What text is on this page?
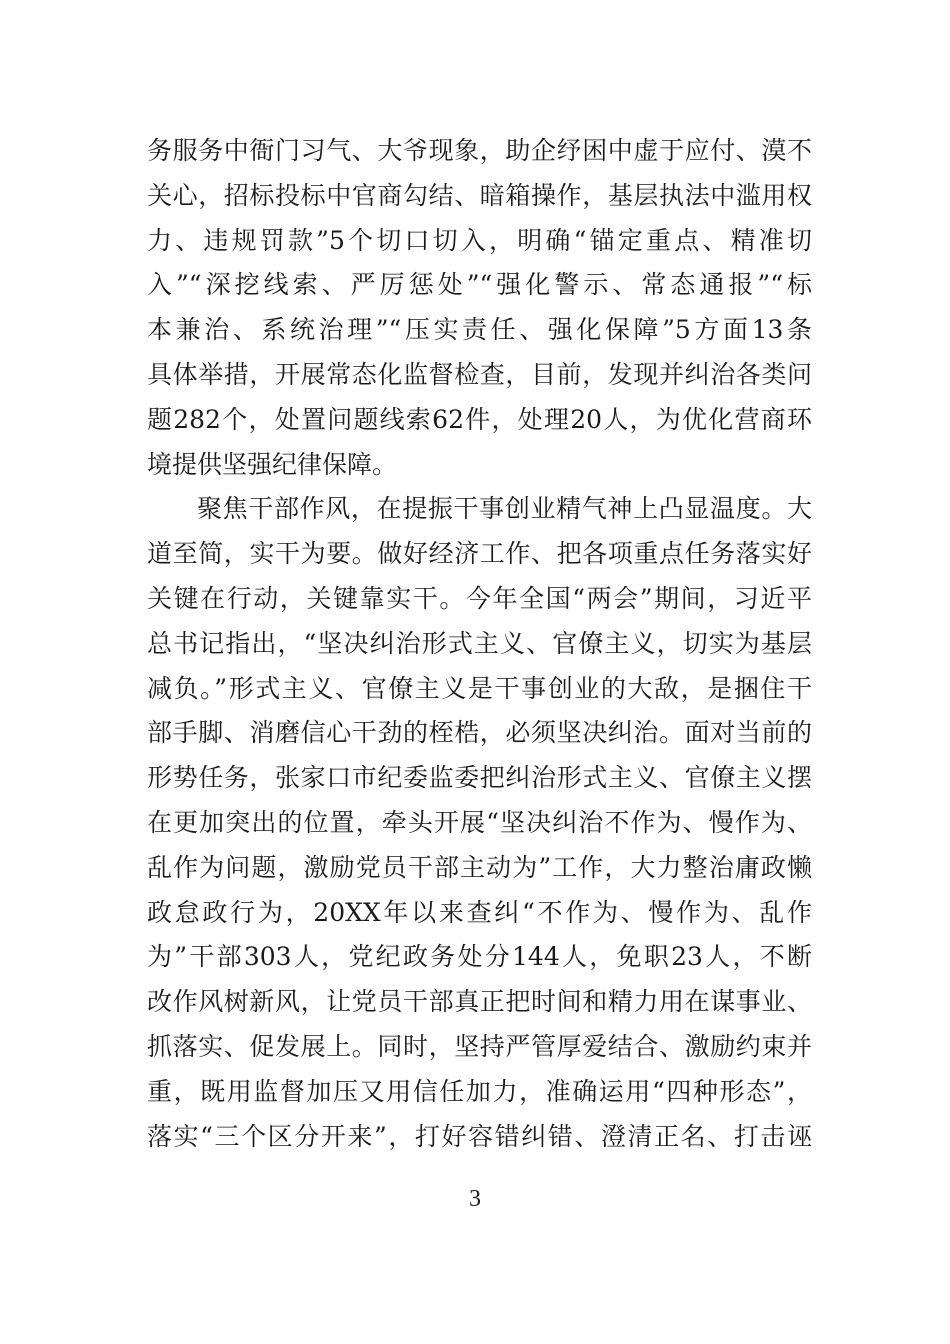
务服务中衙门习气、大爷现象，助企纾困中虚于应付、漠不
关心，招标投标中官商勾结、暗箱操作，基层执法中滥用权
力、违规罚款”5个切口切入，明确“锚定重点、精准切
入”“深挖线索、严厉惩处”“强化警示、常态通报”“标
本兼治、系统治理”“压实责任、强化保障”5方面13条
具体举措，开展常态化监督检查，目前，发现并纠治各类问
题282个，处置问题线索62件，处理20人，为优化营商环
境提供坚强纪律保障。
聚焦干部作风，在提振干事创业精气神上凸显温度。大
道至简，实干为要。做好经济工作、把各项重点任务落实好
关键在行动，关键靠实干。今年全国“两会”期间，习近平
总书记指出，“坚决纠治形式主义、官僚主义，切实为基层
减负。”形式主义、官僚主义是干事创业的大敌，是捆住干
部手脚、消磨信心干劲的桎梏，必须坚决纠治。面对当前的
形势任务，张家口市纪委监委把纠治形式主义、官僚主义摆
在更加突出的位置，牵头开展“坚决纠治不作为、慢作为、
乱作为问题，激励党员干部主动为”工作，大力整治庸政懒
政怠政行为，20XX年以来查纠“不作为、慢作为、乱作
为”干部303人，党纪政务处分144人，免职23人，不断
改作风树新风，让党员干部真正把时间和精力用在谋事业、
抓落实、促发展上。同时，坚持严管厚爱结合、激励约束并
重，既用监督加压又用信任加力，准确运用“四种形态”，
落实“三个区分开来”，打好容错纠错、澄清正名、打击诬
3
